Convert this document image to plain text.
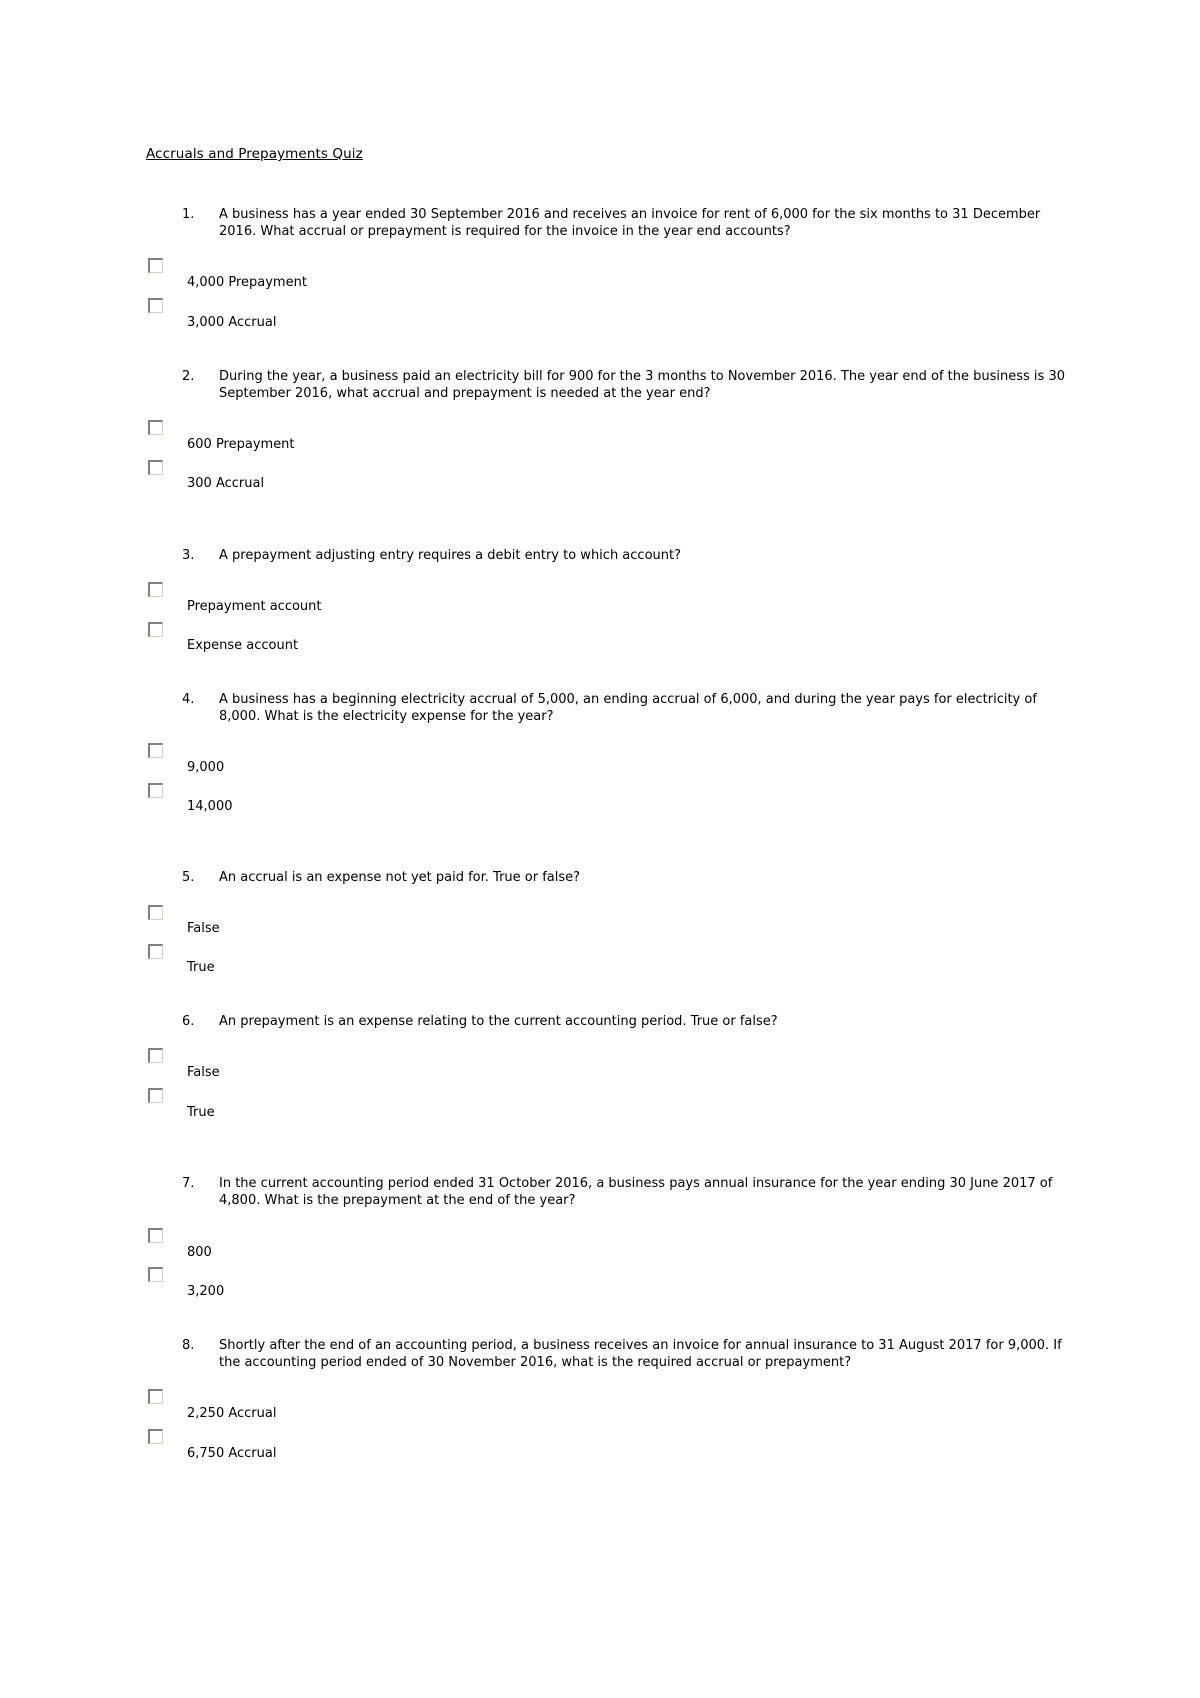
Accruals and Prepayments Quiz
1. A business has a year ended 30 September 2016 and receives an invoice for rent of 6,000 for the six months to 31 December 2016. What accrual or prepayment is required for the invoice in the year end accounts?
4,000 Prepayment
3,000 Accrual
2. During the year, a business paid an electricity bill for 900 for the 3 months to November 2016. The year end of the business is 30 September 2016, what accrual and prepayment is needed at the year end?
600 Prepayment
300 Accrual
3. A prepayment adjusting entry requires a debit entry to which account?
Prepayment account
Expense account
4. A business has a beginning electricity accrual of 5,000, an ending accrual of 6,000, and during the year pays for electricity of 8,000. What is the electricity expense for the year?
9,000
14,000
5. An accrual is an expense not yet paid for. True or false?
False
True
6. An prepayment is an expense relating to the current accounting period. True or false?
False
True
7. In the current accounting period ended 31 October 2016, a business pays annual insurance for the year ending 30 June 2017 of 4,800. What is the prepayment at the end of the year?
800
3,200
8. Shortly after the end of an accounting period, a business receives an invoice for annual insurance to 31 August 2017 for 9,000. If the accounting period ended of 30 November 2016, what is the required accrual or prepayment?
2,250 Accrual
6,750 Accrual
